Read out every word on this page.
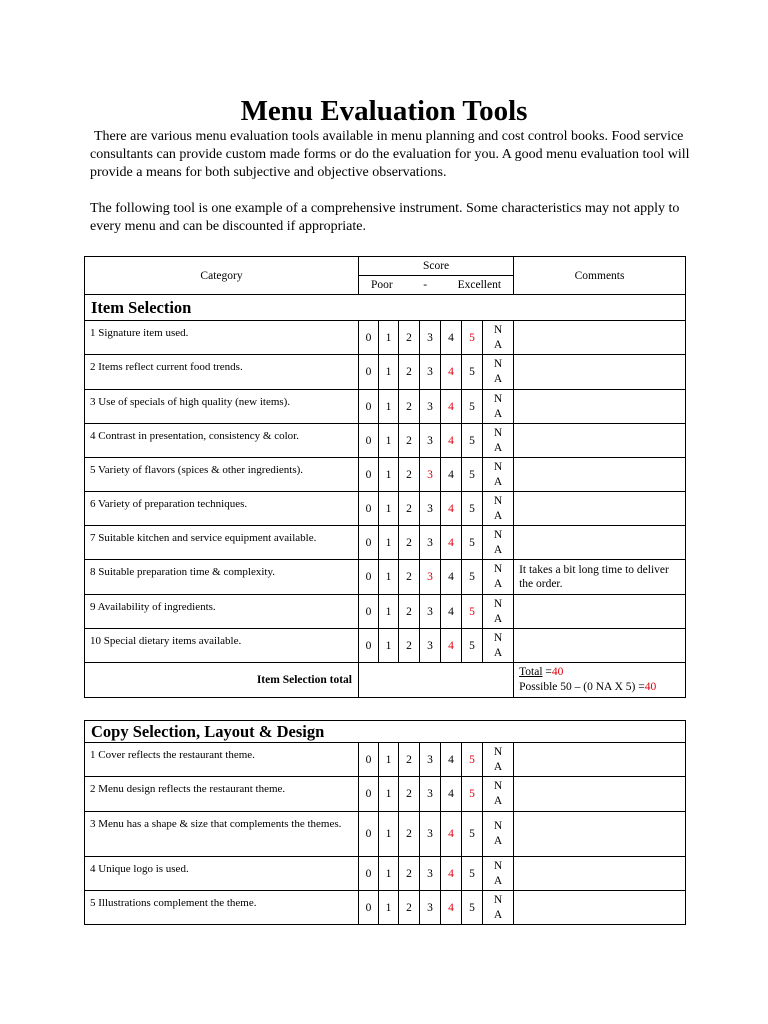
Menu Evaluation Tools

There are various menu evaluation tools available in menu planning and cost control books. Food service consultants can provide custom made forms or do the evaluation for you. A good menu evaluation tool will provide a means for both subjective and objective observations.

The following tool is one example of a comprehensive instrument. Some characteristics may not apply to every menu and can be discounted if appropriate.

Category	Score							Comments

	Poor - Excellent							

Item Selection								
1 Signature item used.	0	1	2	3	4	5	N
A	

2 Items reflect current food trends.	0	1	2	3	4	5	N
A	

3 Use of specials of high quality (new items).	0	1	2	3	4	5	N
A	

4 Contrast in presentation, consistency & color.	0	1	2	3	4	5	N
A	

5 Variety of flavors (spices & other ingredients).	0	1	2	3	4	5	N
A	

6 Variety of preparation techniques.	0	1	2	3	4	5	N
A	

7 Suitable kitchen and service equipment available.	0	1	2	3	4	5	N
A	

8 Suitable preparation time & complexity.	0	1	2	3	4	5	N
A	It takes a bit long time to deliver the order.
9 Availability of ingredients.	0	1	2	3	4	5	N
A	

10 Special dietary items available.	0	1	2	3	4	5	N
A	

Item Selection total								Total =40
Possible 50 – (0 NA X 5) =40
Copy Selection, Layout & Design								
1 Cover reflects the restaurant theme.	0	1	2	3	4	5	N
A	

2 Menu design reflects the restaurant theme.	0	1	2	3	4	5	N
A	

3 Menu has a shape & size that complements the themes.	0	1	2	3	4	5	N
A	

4 Unique logo is used.	0	1	2	3	4	5	N
A	

5 Illustrations complement the theme.	0	1	2	3	4	5	N
A	
